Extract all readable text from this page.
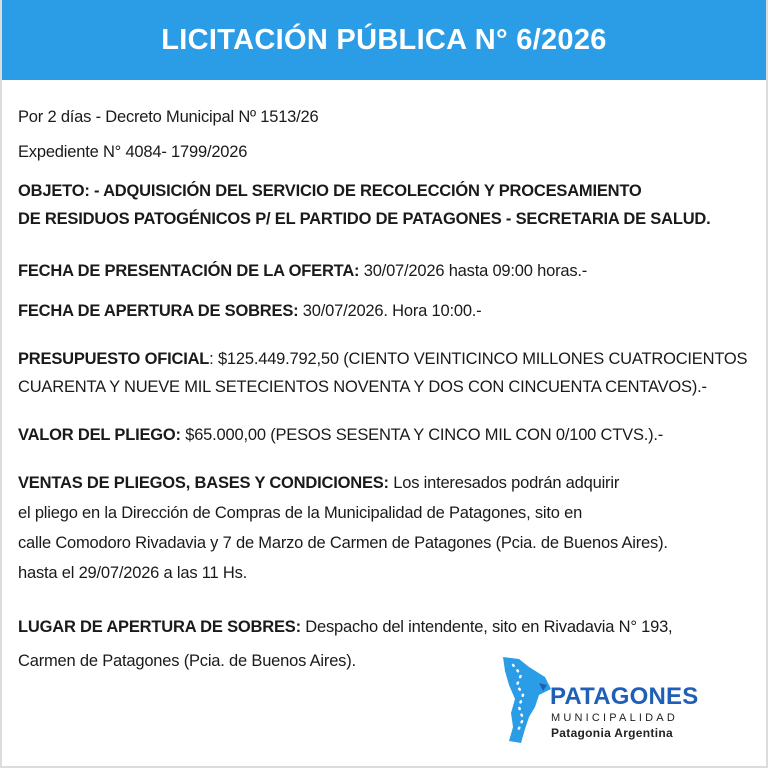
LICITACIÓN PÚBLICA N° 6/2026
Por 2 días - Decreto Municipal Nº 1513/26
Expediente N° 4084- 1799/2026
OBJETO: - ADQUISICIÓN DEL SERVICIO DE RECOLECCIÓN Y PROCESAMIENTO
DE RESIDUOS PATOGÉNICOS P/ EL PARTIDO DE PATAGONES - SECRETARIA DE SALUD.
FECHA DE PRESENTACIÓN DE LA OFERTA: 30/07/2026 hasta 09:00 horas.-
FECHA DE APERTURA DE SOBRES: 30/07/2026. Hora 10:00.-
PRESUPUESTO OFICIAL: $125.449.792,50 (CIENTO VEINTICINCO MILLONES CUATROCIENTOS
CUARENTA Y NUEVE MIL SETECIENTOS NOVENTA Y DOS CON CINCUENTA CENTAVOS).-
VALOR DEL PLIEGO: $65.000,00 (PESOS SESENTA Y CINCO MIL CON 0/100 CTVS.).-
VENTAS DE PLIEGOS, BASES Y CONDICIONES: Los interesados podrán adquirir
el pliego en la Dirección de Compras de la Municipalidad de Patagones, sito en
calle Comodoro Rivadavia y 7 de Marzo de Carmen de Patagones (Pcia. de Buenos Aires).
hasta el 29/07/2026 a las 11 Hs.
LUGAR DE APERTURA DE SOBRES: Despacho del intendente, sito en Rivadavia N° 193,
Carmen de Patagones (Pcia. de Buenos Aires).
PATAGONES
MUNICIPALIDAD
Patagonia Argentina
